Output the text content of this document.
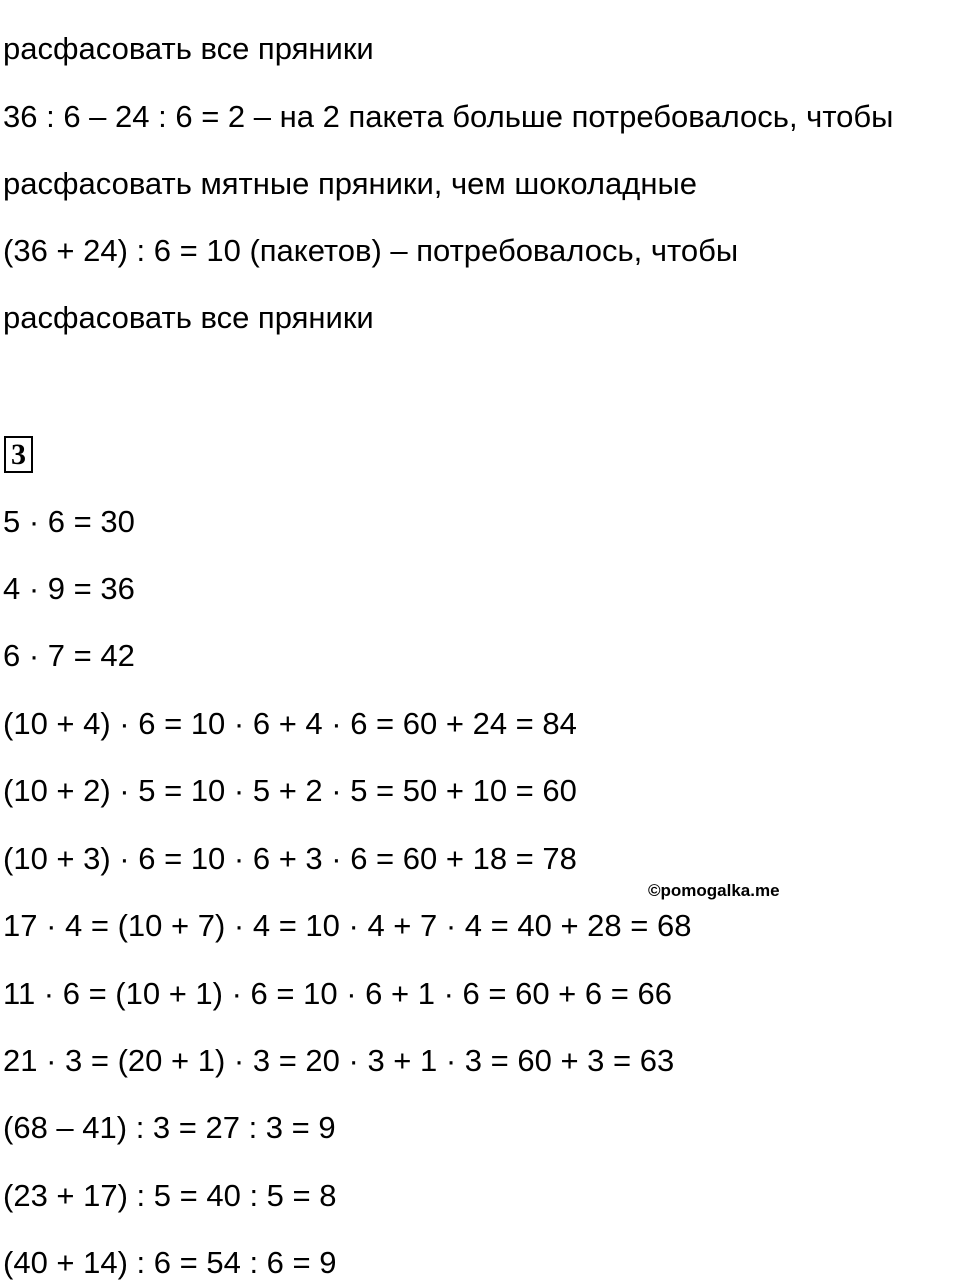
расфасовать все пряники
36 : 6 – 24 : 6 = 2 – на 2 пакета больше потребовалось, чтобы
расфасовать мятные пряники, чем шоколадные
(36 + 24) : 6 = 10 (пакетов) – потребовалось, чтобы
расфасовать все пряники
3
5 · 6 = 30
4 · 9 = 36
6 · 7 = 42
(10 + 4) · 6 = 10 · 6 + 4 · 6 = 60 + 24 = 84
(10 + 2) · 5 = 10 · 5 + 2 · 5 = 50 + 10 = 60
(10 + 3) · 6 = 10 · 6 + 3 · 6 = 60 + 18 = 78
17 · 4 = (10 + 7) · 4 = 10 · 4 + 7 · 4 = 40 + 28 = 68
11 · 6 = (10 + 1) · 6 = 10 · 6 + 1 · 6 = 60 + 6 = 66
21 · 3 = (20 + 1) · 3 = 20 · 3 + 1 · 3 = 60 + 3 = 63
(68 – 41) : 3 = 27 : 3 = 9
(23 + 17) : 5 = 40 : 5 = 8
(40 + 14) : 6 = 54 : 6 = 9
©pomogalka.me
